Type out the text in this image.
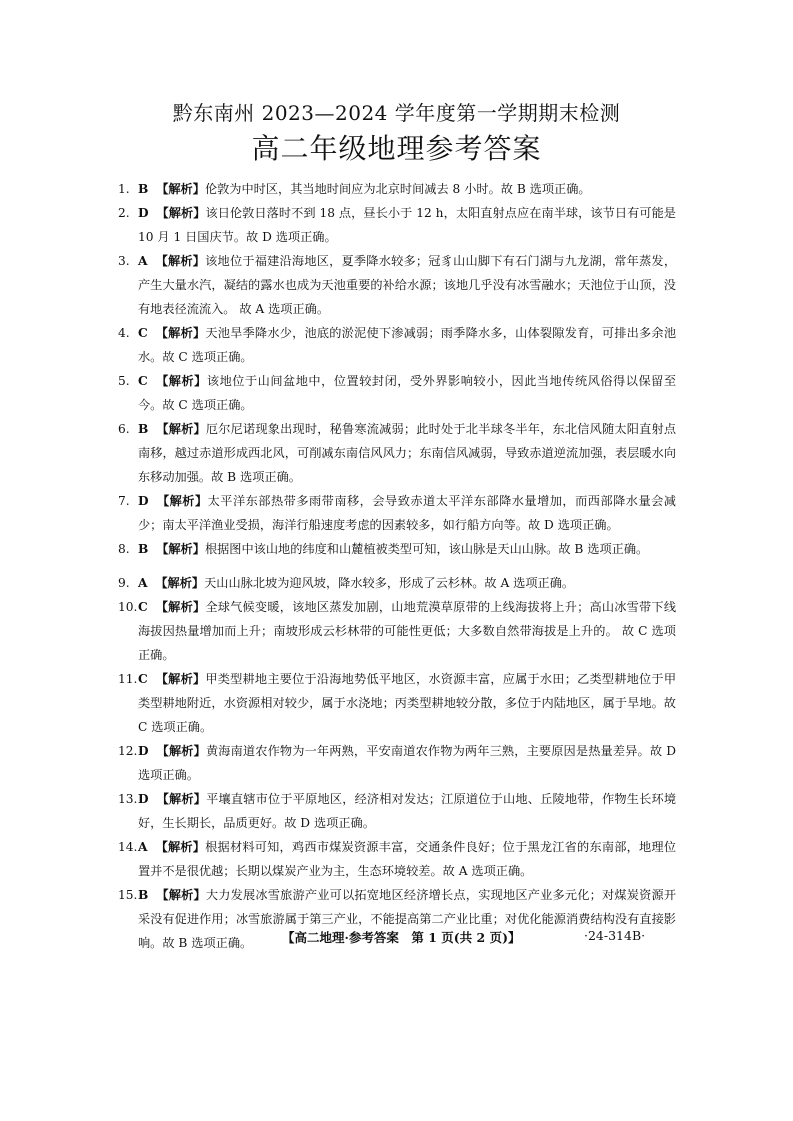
黔东南州 2023—2024 学年度第一学期期末检测
高二年级地理参考答案
1. B 【解析】伦敦为中时区，其当地时间应为北京时间减去 8 小时。故 B 选项正确。
2. D 【解析】该日伦敦日落时不到 18 点，昼长小于 12 h，太阳直射点应在南半球，该节日有可能是 10 月 1 日国庆节。故 D 选项正确。
3. A 【解析】该地位于福建沿海地区，夏季降水较多；冠豸山山脚下有石门湖与九龙湖，常年蒸发，产生大量水汽，凝结的露水也成为天池重要的补给水源；该地几乎没有冰雪融水；天池位于山顶，没有地表径流流入。 故 A 选项正确。
4. C 【解析】天池旱季降水少，池底的淤泥使下渗减弱；雨季降水多，山体裂隙发育，可排出多余池水。故 C 选项正确。
5. C 【解析】该地位于山间盆地中，位置较封闭，受外界影响较小，因此当地传统风俗得以保留至今。故 C 选项正确。
6. B 【解析】厄尔尼诺现象出现时，秘鲁寒流减弱；此时处于北半球冬半年，东北信风随太阳直射点南移，越过赤道形成西北风，可削减东南信风风力；东南信风减弱，导致赤道逆流加强，表层暖水向东移动加强。故 B 选项正确。
7. D 【解析】太平洋东部热带多雨带南移，会导致赤道太平洋东部降水量增加，而西部降水量会减少；南太平洋渔业受损，海洋行船速度考虑的因素较多，如行船方向等。故 D 选项正确。
8. B 【解析】根据图中该山地的纬度和山麓植被类型可知，该山脉是天山山脉。故 B 选项正确。
9. A 【解析】天山山脉北坡为迎风坡，降水较多，形成了云杉林。故 A 选项正确。
10. C 【解析】全球气候变暖，该地区蒸发加剧，山地荒漠草原带的上线海拔将上升；高山冰雪带下线海拔因热量增加而上升；南坡形成云杉林带的可能性更低；大多数自然带海拔是上升的。 故 C 选项正确。
11. C 【解析】甲类型耕地主要位于沿海地势低平地区，水资源丰富，应属于水田；乙类型耕地位于甲类型耕地附近，水资源相对较少，属于水浇地；丙类型耕地较分散，多位于内陆地区，属于旱地。故 C 选项正确。
12. D 【解析】黄海南道农作物为一年两熟，平安南道农作物为两年三熟，主要原因是热量差异。故 D 选项正确。
13. D 【解析】平壤直辖市位于平原地区，经济相对发达；江原道位于山地、丘陵地带，作物生长环境好，生长期长，品质更好。故 D 选项正确。
14. A 【解析】根据材料可知，鸡西市煤炭资源丰富，交通条件良好；位于黑龙江省的东南部，地理位置并不是很优越；长期以煤炭产业为主，生态环境较差。故 A 选项正确。
15. B 【解析】大力发展冰雪旅游产业可以拓宽地区经济增长点，实现地区产业多元化；对煤炭资源开采没有促进作用；冰雪旅游属于第三产业，不能提高第二产业比重；对优化能源消费结构没有直接影响。故 B 选项正确。	【高二地理·参考答案　第 1 页(共 2 页)】	·24-314B·
